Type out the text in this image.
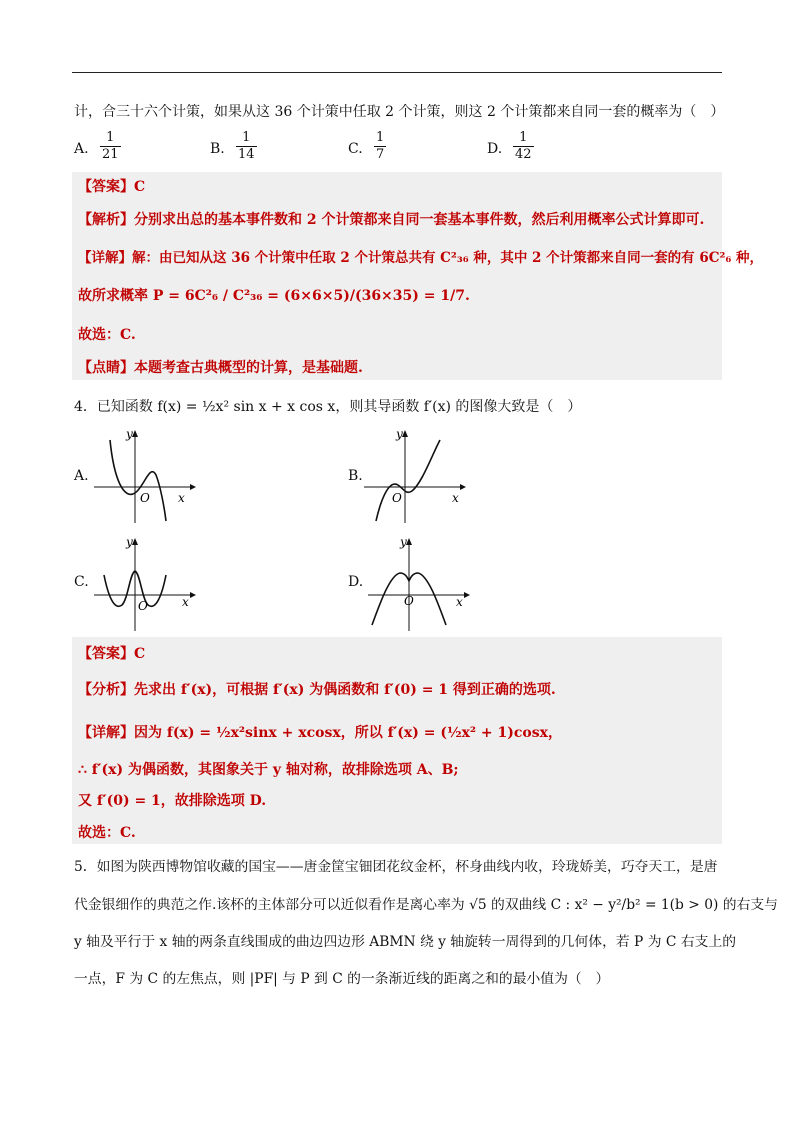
计，合三十六个计策，如果从这 36 个计策中任取 2 个计策，则这 2 个计策都来自同一套的概率为（　）
A.
1
21	B.
1
14	C.
1
7	D.
1
42
【答案】C
【解析】分别求出总的基本事件数和 2 个计策都来自同一套基本事件数，然后利用概率公式计算即可.
【详解】解：由已知从这 36 个计策中任取 2 个计策总共有 C²₃₆ 种，其中 2 个计策都来自同一套的有 6C²₆ 种，
故所求概率 P = 6C²₆ / C²₃₆ = (6×6×5)/(36×35) = 1/7.
故选：C.
【点睛】本题考查古典概型的计算，是基础题.
4．已知函数 f(x) = ½x² sin x + x cos x，则其导函数 f′(x) 的图像大致是（　）
A.
y
x
O
B.
y
x
O
C.
y
x
O
D.
y
x
O
【答案】C
【分析】先求出 f′(x)，可根据 f′(x) 为偶函数和 f′(0) = 1 得到正确的选项.
【详解】因为 f(x) = ½x²sinx + xcosx，所以 f′(x) = (½x² + 1)cosx，
∴ f′(x) 为偶函数，其图象关于 y 轴对称，故排除选项 A、B;
又 f′(0) = 1，故排除选项 D.
故选：C.
5．如图为陕西博物馆收藏的国宝——唐金筐宝钿团花纹金杯，杯身曲线内收，玲珑娇美，巧夺天工，是唐
代金银细作的典范之作.该杯的主体部分可以近似看作是离心率为 √5 的双曲线 C : x² − y²/b² = 1(b > 0) 的右支与
y 轴及平行于 x 轴的两条直线围成的曲边四边形 ABMN 绕 y 轴旋转一周得到的几何体，若 P 为 C 右支上的
一点，F 为 C 的左焦点，则 |PF| 与 P 到 C 的一条渐近线的距离之和的最小值为（　）
